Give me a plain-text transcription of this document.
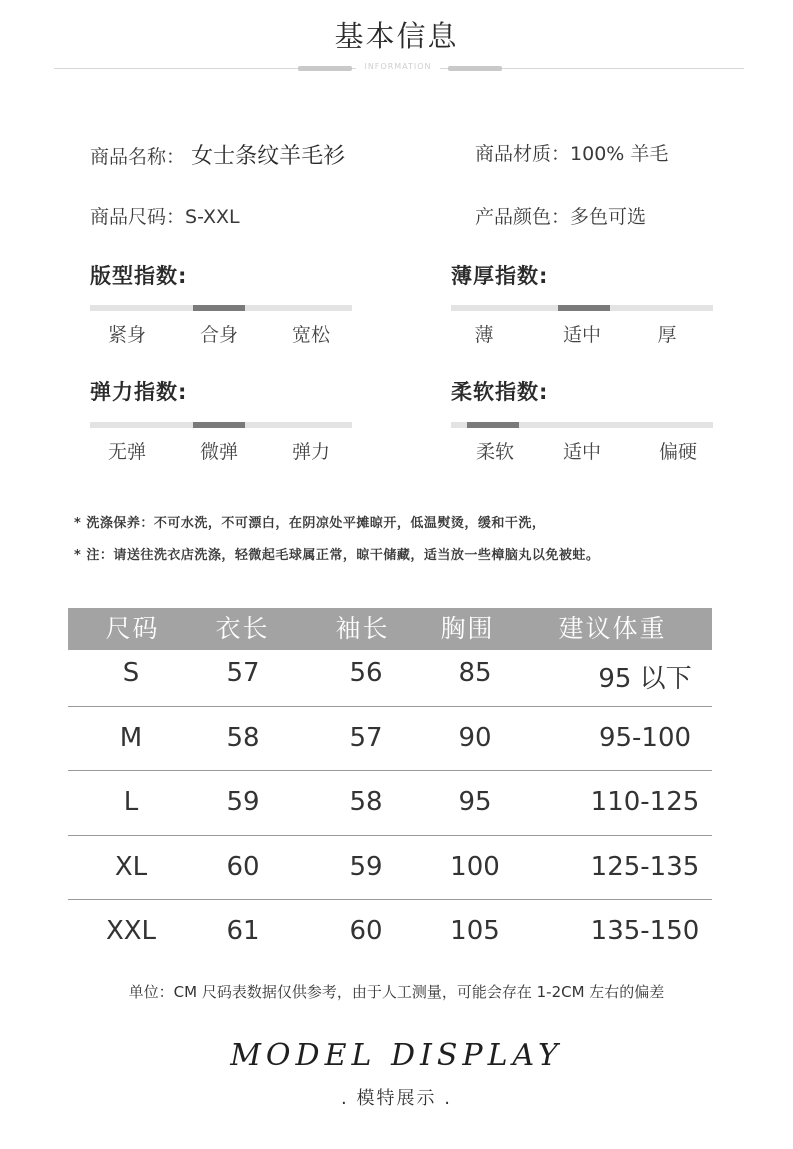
基本信息
INFORMATION
商品名称： 女士条纹羊毛衫	商品材质：100% 羊毛
商品尺码：S-XXL	产品颜色：多色可选
版型指数:
紧身	合身	宽松
薄厚指数:
薄	适中	厚
弹力指数:
无弹	微弹	弹力
柔软指数:
柔软	适中	偏硬
* 洗涤保养：不可水洗，不可漂白，在阴凉处平摊晾开，低温熨烫，缓和干洗，
* 注：请送往洗衣店洗涤，轻微起毛球属正常，晾干储藏，适当放一些樟脑丸以免被蛀。
尺码	衣长	袖长	胸围	建议体重
S	57	56	85	95 以下
M	58	57	90	95-100
L	59	58	95	110-125
XL	60	59	100	125-135
XXL	61	60	105	135-150
单位：CM 尺码表数据仅供参考，由于人工测量，可能会存在 1-2CM 左右的偏差
MODEL DISPLAY
. 模特展示 .
